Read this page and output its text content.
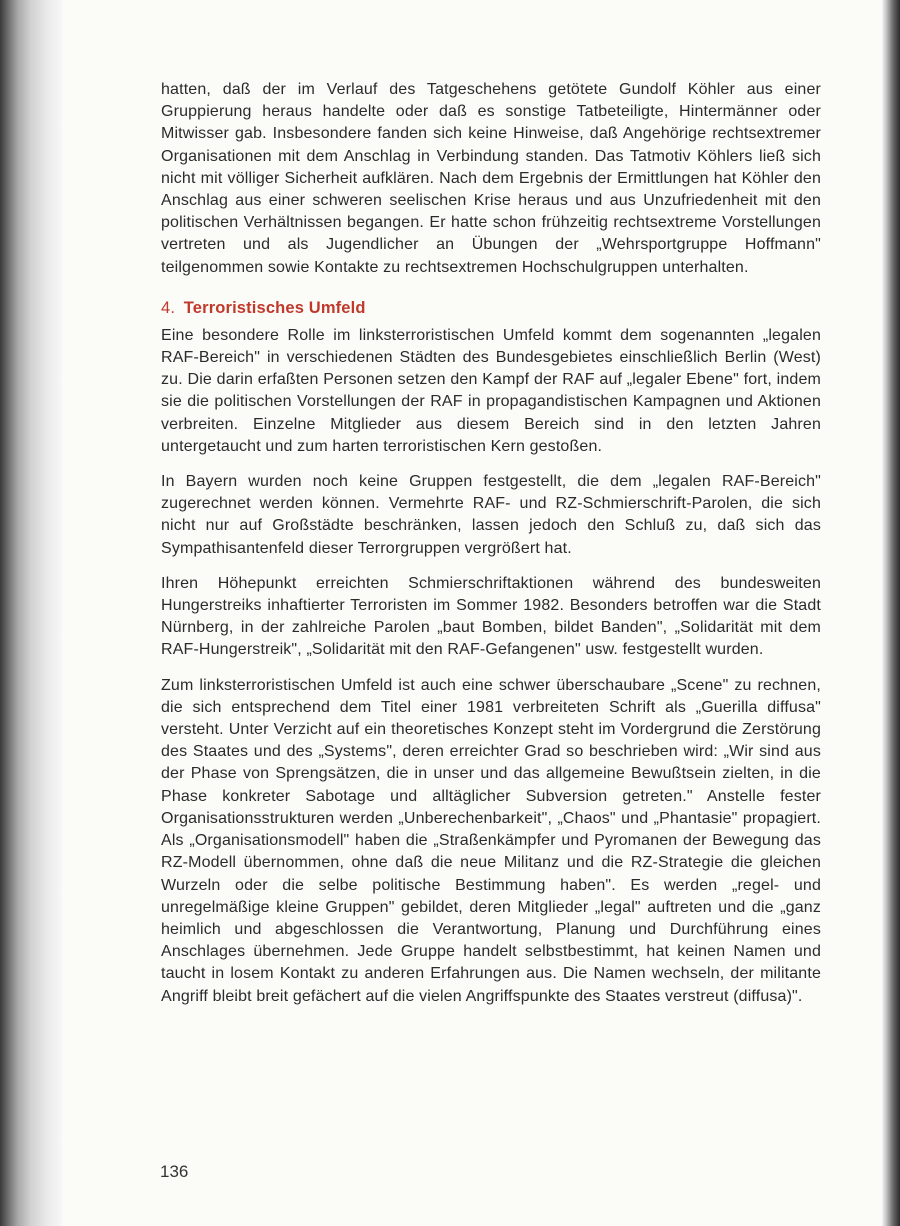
hatten, daß der im Verlauf des Tatgeschehens getötete Gundolf Köhler aus einer Gruppierung heraus handelte oder daß es sonstige Tatbeteiligte, Hintermänner oder Mitwisser gab. Insbesondere fanden sich keine Hinweise, daß Angehörige rechtsextremer Organisationen mit dem Anschlag in Verbindung standen. Das Tatmotiv Köhlers ließ sich nicht mit völliger Sicherheit aufklären. Nach dem Ergebnis der Ermittlungen hat Köhler den Anschlag aus einer schweren seelischen Krise heraus und aus Unzufriedenheit mit den politischen Verhältnissen begangen. Er hatte schon frühzeitig rechtsextreme Vorstellungen vertreten und als Jugendlicher an Übungen der „Wehrsportgruppe Hoffmann" teilgenommen sowie Kontakte zu rechtsextremen Hochschulgruppen unterhalten.

4. Terroristisches Umfeld

Eine besondere Rolle im linksterroristischen Umfeld kommt dem sogenannten „legalen RAF-Bereich" in verschiedenen Städten des Bundesgebietes einschließlich Berlin (West) zu. Die darin erfaßten Personen setzen den Kampf der RAF auf „legaler Ebene" fort, indem sie die politischen Vorstellungen der RAF in propagandistischen Kampagnen und Aktionen verbreiten. Einzelne Mitglieder aus diesem Bereich sind in den letzten Jahren untergetaucht und zum harten terroristischen Kern gestoßen.

In Bayern wurden noch keine Gruppen festgestellt, die dem „legalen RAF-Bereich" zugerechnet werden können. Vermehrte RAF- und RZ-Schmierschrift-Parolen, die sich nicht nur auf Großstädte beschränken, lassen jedoch den Schluß zu, daß sich das Sympathisantenfeld dieser Terrorgruppen vergrößert hat.

Ihren Höhepunkt erreichten Schmierschriftaktionen während des bundesweiten Hungerstreiks inhaftierter Terroristen im Sommer 1982. Besonders betroffen war die Stadt Nürnberg, in der zahlreiche Parolen „baut Bomben, bildet Banden", „Solidarität mit dem RAF-Hungerstreik", „Solidarität mit den RAF-Gefangenen" usw. festgestellt wurden.

Zum linksterroristischen Umfeld ist auch eine schwer überschaubare „Scene" zu rechnen, die sich entsprechend dem Titel einer 1981 verbreiteten Schrift als „Guerilla diffusa" versteht. Unter Verzicht auf ein theoretisches Konzept steht im Vordergrund die Zerstörung des Staates und des „Systems", deren erreichter Grad so beschrieben wird: „Wir sind aus der Phase von Sprengsätzen, die in unser und das allgemeine Bewußtsein zielten, in die Phase konkreter Sabotage und alltäglicher Subversion getreten." Anstelle fester Organisationsstrukturen werden „Unberechenbarkeit", „Chaos" und „Phantasie" propagiert. Als „Organisationsmodell" haben die „Straßenkämpfer und Pyromanen der Bewegung das RZ-Modell übernommen, ohne daß die neue Militanz und die RZ-Strategie die gleichen Wurzeln oder die selbe politische Bestimmung haben". Es werden „regel- und unregelmäßige kleine Gruppen" gebildet, deren Mitglieder „legal" auftreten und die „ganz heimlich und abgeschlossen die Verantwortung, Planung und Durchführung eines Anschlages übernehmen. Jede Gruppe handelt selbstbestimmt, hat keinen Namen und taucht in losem Kontakt zu anderen Erfahrungen aus. Die Namen wechseln, der militante Angriff bleibt breit gefächert auf die vielen Angriffspunkte des Staates verstreut (diffusa)".

136
